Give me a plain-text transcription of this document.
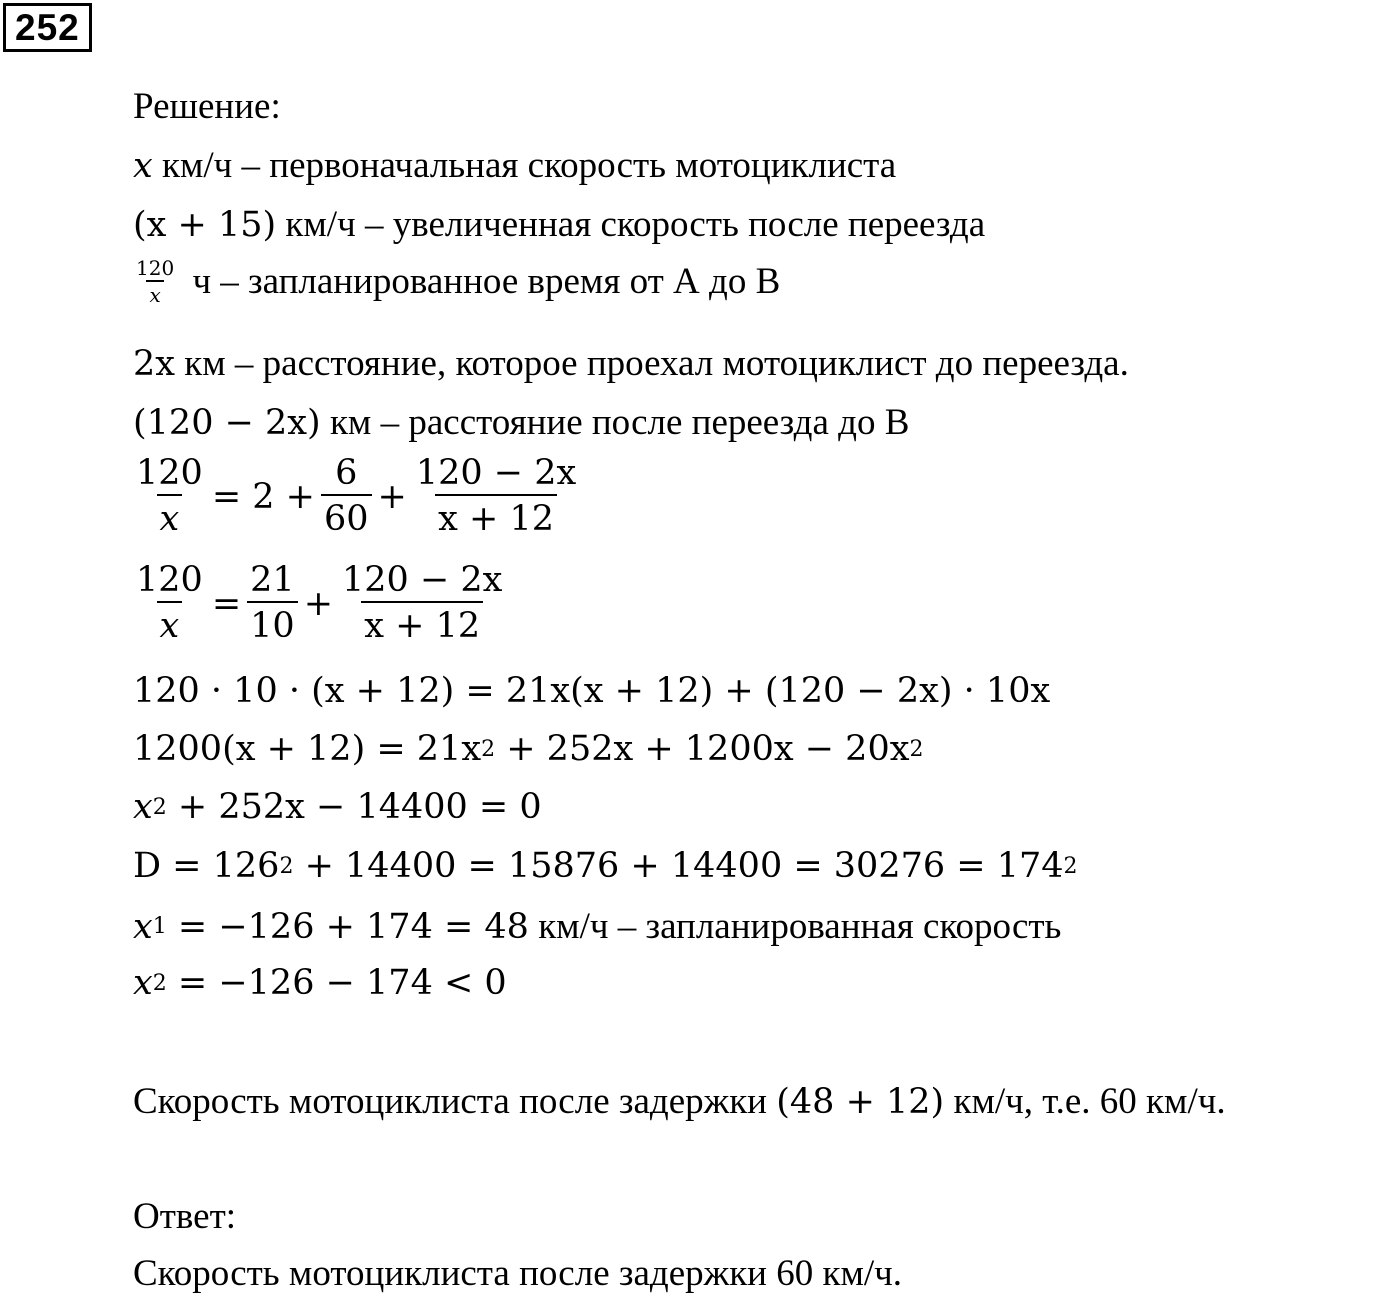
252
Решение:
x км/ч – первоначальная скорость мотоциклиста
(x + 15) км/ч – увеличенная скорость после переезда
$\frac{120}{x}$ ч – запланированное время от А до В
2x км – расстояние, которое проехал мотоциклист до переезда.
(120 − 2x) км – расстояние после переезда до В
$\frac{120}{x} = 2 + \frac{6}{60} + \frac{120 - 2x}{x + 12}$
$\frac{120}{x} = \frac{21}{10} + \frac{120 - 2x}{x + 12}$
120 · 10 · (x + 12) = 21x(x + 12) + (120 − 2x) · 10x
1200(x + 12) = 21x 2 + 252x + 1200x − 20x 2
x 2 + 252x − 14400 = 0
D = 126 2 + 14400 = 15876 + 14400 = 30276 = 174 2
x 1 = −126 + 174 = 48 км/ч – запланированная скорость
x 2 = −126 − 174 < 0
Скорость мотоциклиста после задержки (48 + 12) км/ч, т.е. 60 км/ч.
Ответ:
Скорость мотоциклиста после задержки 60 км/ч.
